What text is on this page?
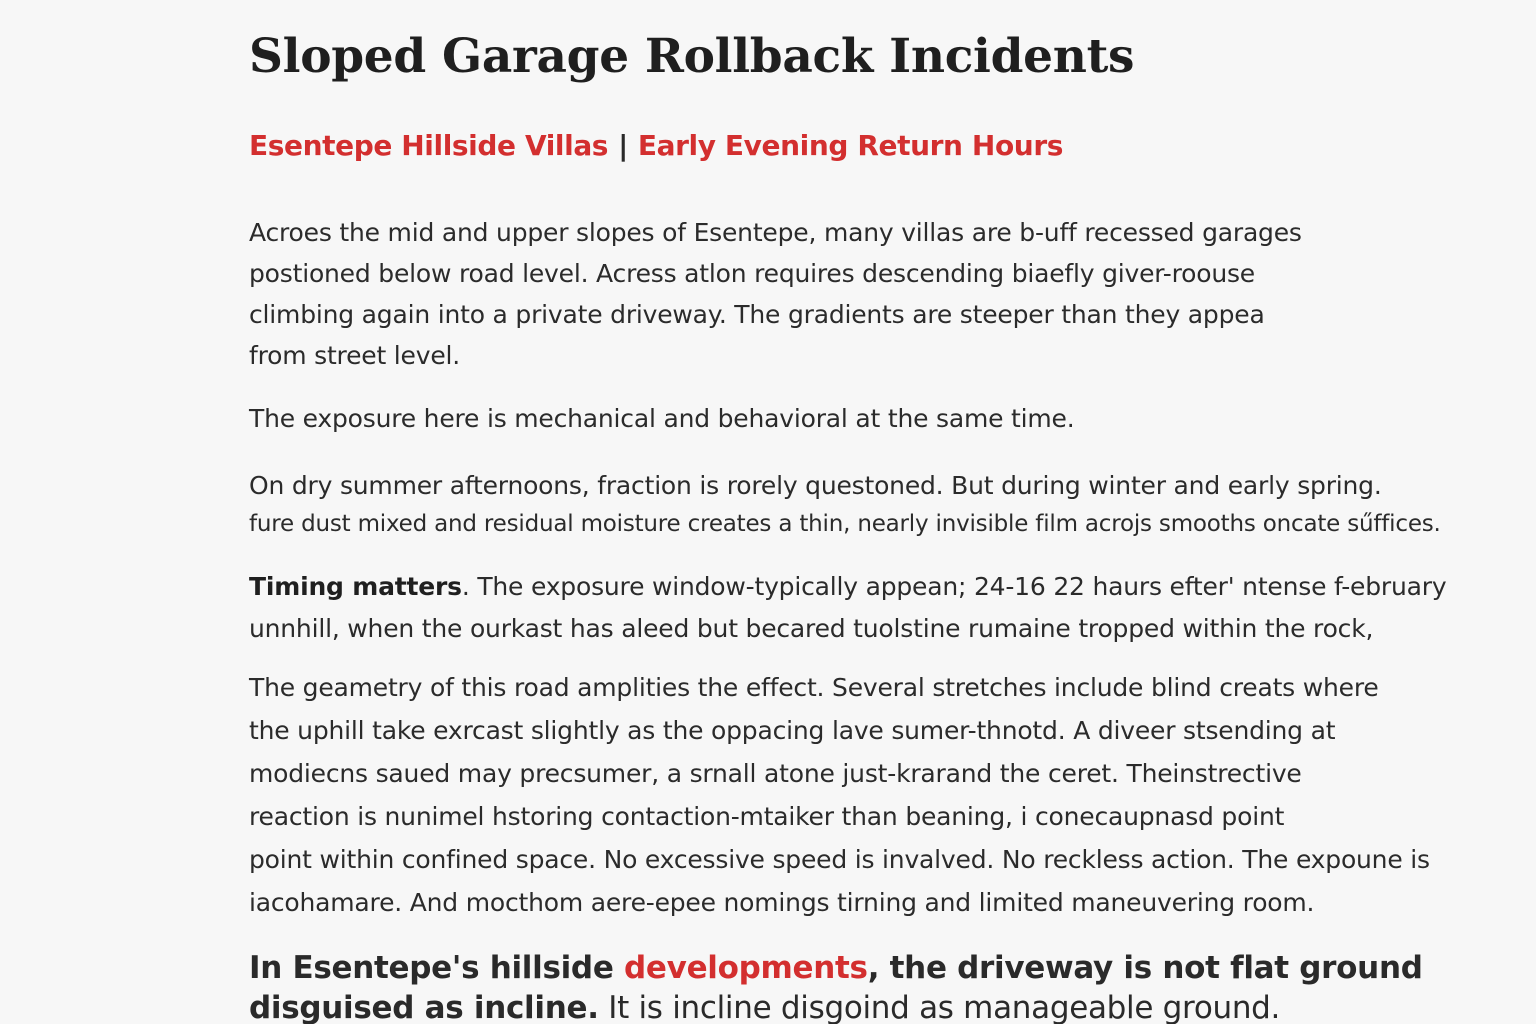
Sloped Garage Rollback Incidents
Esentepe Hillside Villas | Early Evening Return Hours

Acroes the mid and upper slopes of Esentepe, many villas are b-uff recessed garages
postioned below road level. Acress atlon requires descending biaefly giver-roouse
climbing again into a private driveway. The gradients are steeper than they appea
from street level.

The exposure here is mechanical and behavioral at the same time.

On dry summer afternoons, fraction is rorely questoned. But during winter and early spring.
fure dust mixed and residual moisture creates a thin, nearly invisible film acrojs smooths oncate sűffices.

Timing matters. The exposure window-typically appean; 24-16 22 haurs efter' ntense f-ebruary
unnhill, when the ourkast has aleed but becared tuolstine rumaine tropped within the rock,

The geametry of this road amplities the effect. Several stretches include blind creats where
the uphill take exrcast slightly as the oppacing lave sumer-thnotd. A diveer stsending at
modiecns saued may precsumer, a srnall atone just-krarand the ceret. Theinstrective
reaction is nunimel hstoring contaction-mtaiker than beaning, i conecaupnasd point
point within confined space. No excessive speed is invalved. No reckless action. The expoune is
iacohamare. And mocthom aere-epee nomings tirning and limited maneuvering room.

In Esentepe's hillside developments, the driveway is not flat ground
disguised as incline. It is incline disgoind as manageable ground.
